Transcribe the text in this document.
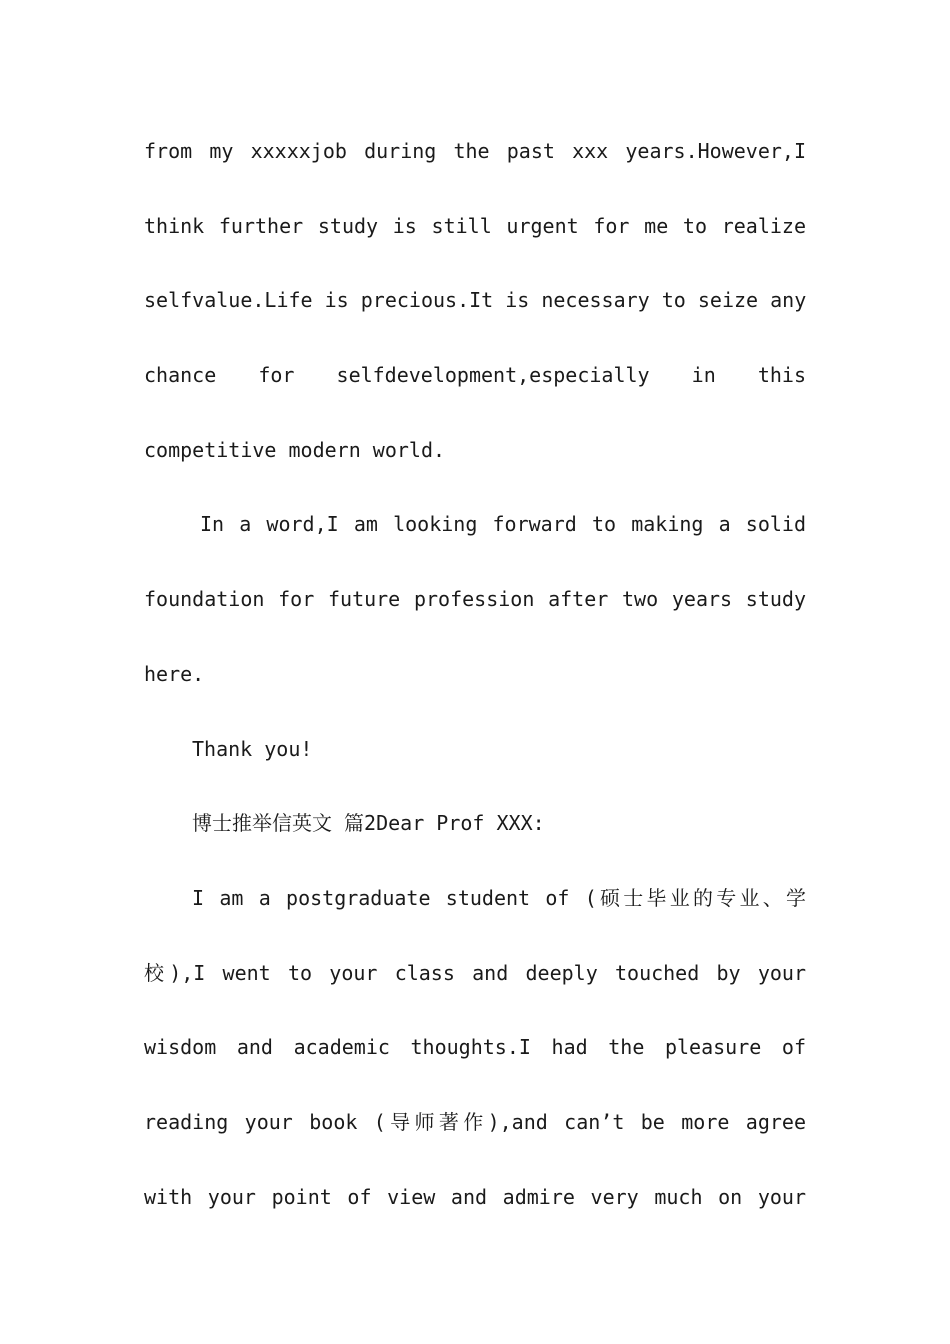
from my xxxxxjob during the past xxx years.However,I
think further study is still urgent for me to realize
selfvalue.Life is precious.It is necessary to seize any
chance for selfdevelopment,especially in this
competitive modern world.
In a word,I am looking forward to making a solid
foundation for future profession after two years study
here.
Thank you!
博士推举信英文 篇2Dear Prof XXX:
I am a postgraduate student of (硕士毕业的专业、学
校),I went to your class and deeply touched by your
wisdom and academic thoughts.I had the pleasure of
reading your book (导师著作),and can’t be more agree
with your point of view and admire very much on your
